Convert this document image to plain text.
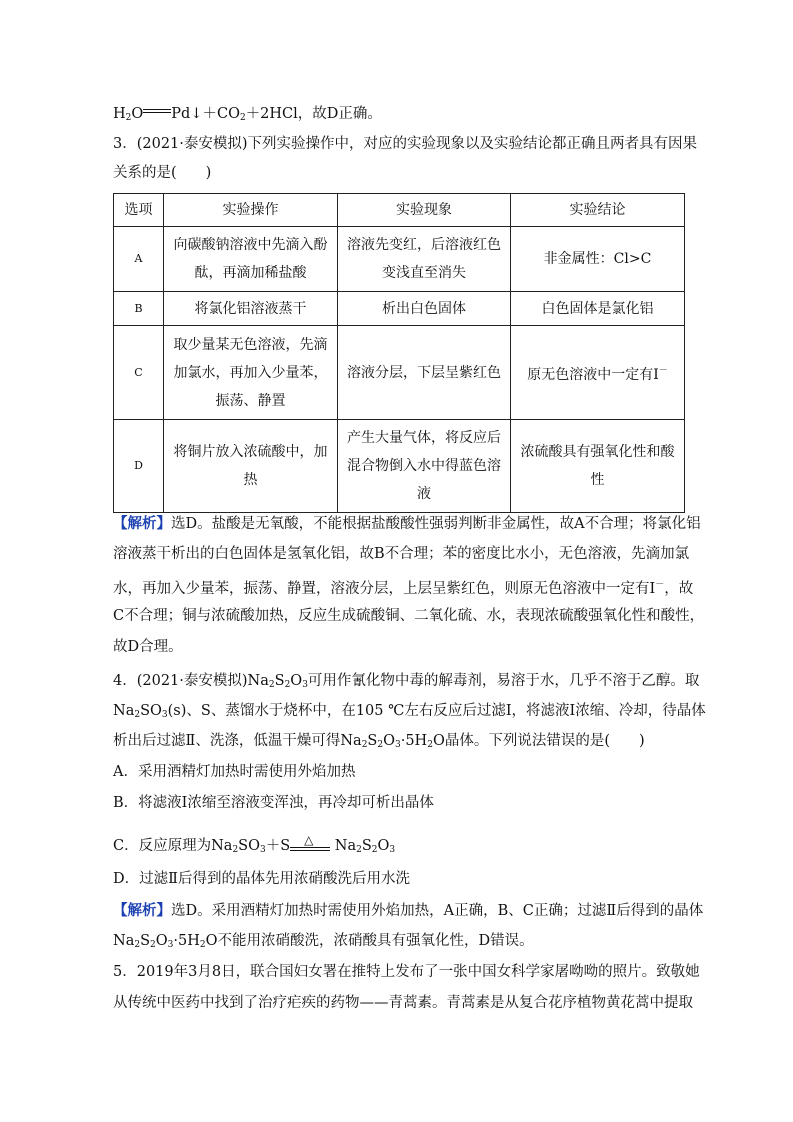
$H_2O$ $Pd↓+CO_2+2HCl$，故D正确。
3．(2021·泰安模拟)下列实验操作中，对应的实验现象以及实验结论都正确且两者具有因果
关系的是(　　)
选项	实验操作	实验现象	实验结论
A	向碳酸钠溶液中先滴入酚酞，再滴加稀盐酸	溶液先变红，后溶液红色变浅直至消失	非金属性：Cl>C
B	将氯化铝溶液蒸干	析出白色固体	白色固体是氯化铝
C	取少量某无色溶液，先滴加氯水，再加入少量苯，振荡、静置	溶液分层，下层呈紫红色	原无色溶液中一定有I－
D	将铜片放入浓硫酸中，加热	产生大量气体，将反应后混合物倒入水中得蓝色溶液	浓硫酸具有强氧化性和酸性
【解析】选D。盐酸是无氧酸，不能根据盐酸酸性强弱判断非金属性，故A不合理；将氯化铝
溶液蒸干析出的白色固体是氢氧化铝，故B不合理；苯的密度比水小，无色溶液，先滴加氯
水，再加入少量苯，振荡、静置，溶液分层，上层呈紫红色，则原无色溶液中一定有I－，故
C不合理；铜与浓硫酸加热，反应生成硫酸铜、二氧化硫、水，表现浓硫酸强氧化性和酸性，
故D合理。
4．(2021·泰安模拟)$Na_2S_2O_3$可用作氰化物中毒的解毒剂，易溶于水，几乎不溶于乙醇。取
$Na_2SO_3(s)$、S、蒸馏水于烧杯中，在105 ℃左右反应后过滤Ⅰ，将滤液Ⅰ浓缩、冷却，待晶体
析出后过滤Ⅱ、洗涤，低温干燥可得$Na_2S_2O_3\cdot 5H_2O$晶体。下列说法错误的是(　　)
A．采用酒精灯加热时需使用外焰加热
B．将滤液Ⅰ浓缩至溶液变浑浊，再冷却可析出晶体
C．反应原理为$Na_2SO_3+S$ △ $Na_2S_2O_3$
D．过滤Ⅱ后得到的晶体先用浓硝酸洗后用水洗
【解析】选D。采用酒精灯加热时需使用外焰加热，A正确，B、C正确；过滤Ⅱ后得到的晶体
$Na_2S_2O_3\cdot 5H_2O$不能用浓硝酸洗，浓硝酸具有强氧化性，D错误。
5．2019年3月8日，联合国妇女署在推特上发布了一张中国女科学家屠呦呦的照片。致敬她
从传统中医药中找到了治疗疟疾的药物——青蒿素。青蒿素是从复合花序植物黄花蒿中提取
